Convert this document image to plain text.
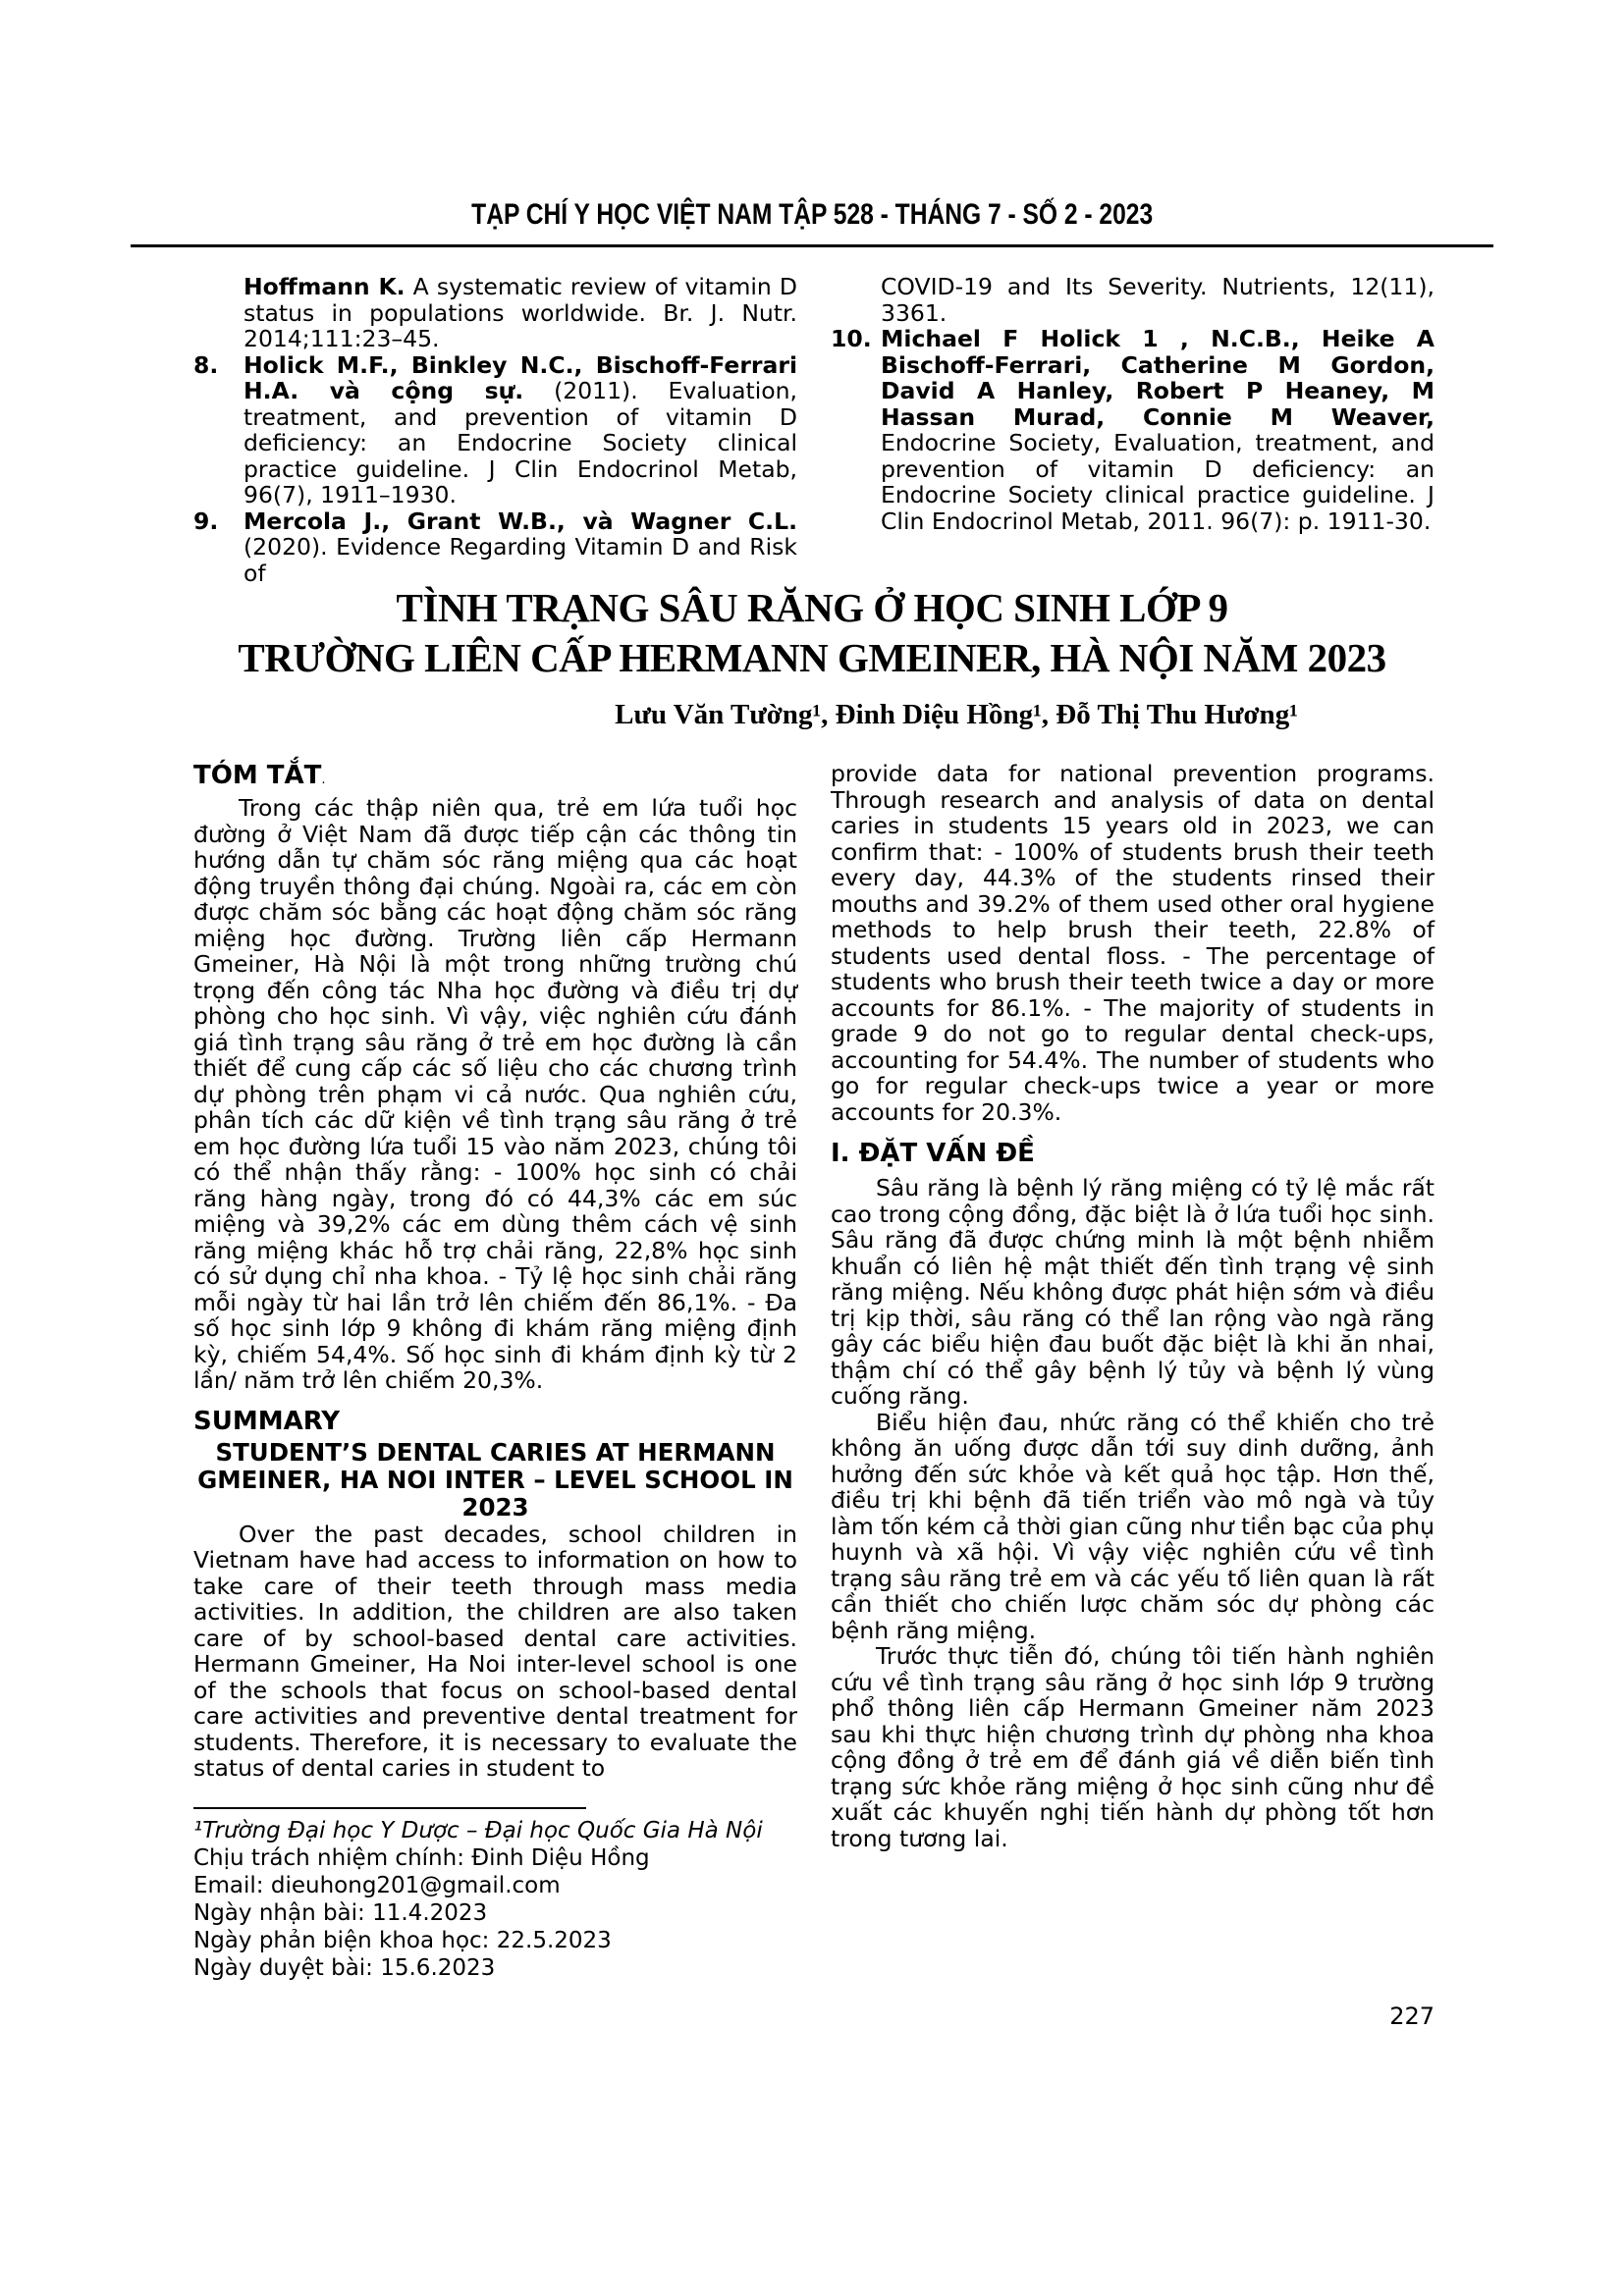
TẠP CHÍ Y HỌC VIỆT NAM TẬP 528 - THÁNG 7 - SỐ 2 - 2023
Hoffmann K. A systematic review of vitamin D status in populations worldwide. Br. J. Nutr. 2014;111:23–45.
8. Holick M.F., Binkley N.C., Bischoff-Ferrari H.A. và cộng sự. (2011). Evaluation, treatment, and prevention of vitamin D deficiency: an Endocrine Society clinical practice guideline. J Clin Endocrinol Metab, 96(7), 1911–1930.
9. Mercola J., Grant W.B., và Wagner C.L. (2020). Evidence Regarding Vitamin D and Risk of
COVID-19 and Its Severity. Nutrients, 12(11), 3361.
10. Michael F Holick 1 , N.C.B., Heike A Bischoff-Ferrari, Catherine M Gordon, David A Hanley, Robert P Heaney, M Hassan Murad, Connie M Weaver, Endocrine Society, Evaluation, treatment, and prevention of vitamin D deficiency: an Endocrine Society clinical practice guideline. J Clin Endocrinol Metab, 2011. 96(7): p. 1911-30.
TÌNH TRẠNG SÂU RĂNG Ở HỌC SINH LỚP 9
TRƯỜNG LIÊN CẤP HERMANN GMEINER, HÀ NỘI NĂM 2023
Lưu Văn Tường¹, Đinh Diệu Hồng¹, Đỗ Thị Thu Hương¹
TÓM TẮT.

Trong các thập niên qua, trẻ em lứa tuổi học đường ở Việt Nam đã được tiếp cận các thông tin hướng dẫn tự chăm sóc răng miệng qua các hoạt động truyền thông đại chúng. Ngoài ra, các em còn được chăm sóc bằng các hoạt động chăm sóc răng miệng học đường. Trường liên cấp Hermann Gmeiner, Hà Nội là một trong những trường chú trọng đến công tác Nha học đường và điều trị dự phòng cho học sinh. Vì vậy, việc nghiên cứu đánh giá tình trạng sâu răng ở trẻ em học đường là cần thiết để cung cấp các số liệu cho các chương trình dự phòng trên phạm vi cả nước. Qua nghiên cứu, phân tích các dữ kiện về tình trạng sâu răng ở trẻ em học đường lứa tuổi 15 vào năm 2023, chúng tôi có thể nhận thấy rằng: - 100% học sinh có chải răng hàng ngày, trong đó có 44,3% các em súc miệng và 39,2% các em dùng thêm cách vệ sinh răng miệng khác hỗ trợ chải răng, 22,8% học sinh có sử dụng chỉ nha khoa. - Tỷ lệ học sinh chải răng mỗi ngày từ hai lần trở lên chiếm đến 86,1%. - Đa số học sinh lớp 9 không đi khám răng miệng định kỳ, chiếm 54,4%. Số học sinh đi khám định kỳ từ 2 lần/ năm trở lên chiếm 20,3%.

SUMMARY
STUDENT’S DENTAL CARIES AT HERMANN GMEINER, HA NOI INTER – LEVEL SCHOOL IN 2023

Over the past decades, school children in Vietnam have had access to information on how to take care of their teeth through mass media activities. In addition, the children are also taken care of by school-based dental care activities. Hermann Gmeiner, Ha Noi inter-level school is one of the schools that focus on school-based dental care activities and preventive dental treatment for students. Therefore, it is necessary to evaluate the status of dental caries in student to

¹Trường Đại học Y Dược – Đại học Quốc Gia Hà Nội
Chịu trách nhiệm chính: Đinh Diệu Hồng
Email: dieuhong201@gmail.com
Ngày nhận bài: 11.4.2023
Ngày phản biện khoa học: 22.5.2023
Ngày duyệt bài: 15.6.2023

provide data for national prevention programs. Through research and analysis of data on dental caries in students 15 years old in 2023, we can confirm that: - 100% of students brush their teeth every day, 44.3% of the students rinsed their mouths and 39.2% of them used other oral hygiene methods to help brush their teeth, 22.8% of students used dental floss. - The percentage of students who brush their teeth twice a day or more accounts for 86.1%. - The majority of students in grade 9 do not go to regular dental check-ups, accounting for 54.4%. The number of students who go for regular check-ups twice a year or more accounts for 20.3%.

I. ĐẶT VẤN ĐỀ

Sâu răng là bệnh lý răng miệng có tỷ lệ mắc rất cao trong cộng đồng, đặc biệt là ở lứa tuổi học sinh. Sâu răng đã được chứng minh là một bệnh nhiễm khuẩn có liên hệ mật thiết đến tình trạng vệ sinh răng miệng. Nếu không được phát hiện sớm và điều trị kịp thời, sâu răng có thể lan rộng vào ngà răng gây các biểu hiện đau buốt đặc biệt là khi ăn nhai, thậm chí có thể gây bệnh lý tủy và bệnh lý vùng cuống răng.

Biểu hiện đau, nhức răng có thể khiến cho trẻ không ăn uống được dẫn tới suy dinh dưỡng, ảnh hưởng đến sức khỏe và kết quả học tập. Hơn thế, điều trị khi bệnh đã tiến triển vào mô ngà và tủy làm tốn kém cả thời gian cũng như tiền bạc của phụ huynh và xã hội. Vì vậy việc nghiên cứu về tình trạng sâu răng trẻ em và các yếu tố liên quan là rất cần thiết cho chiến lược chăm sóc dự phòng các bệnh răng miệng.

Trước thực tiễn đó, chúng tôi tiến hành nghiên cứu về tình trạng sâu răng ở học sinh lớp 9 trường phổ thông liên cấp Hermann Gmeiner năm 2023 sau khi thực hiện chương trình dự phòng nha khoa cộng đồng ở trẻ em để đánh giá về diễn biến tình trạng sức khỏe răng miệng ở học sinh cũng như đề xuất các khuyến nghị tiến hành dự phòng tốt hơn trong tương lai.

227
